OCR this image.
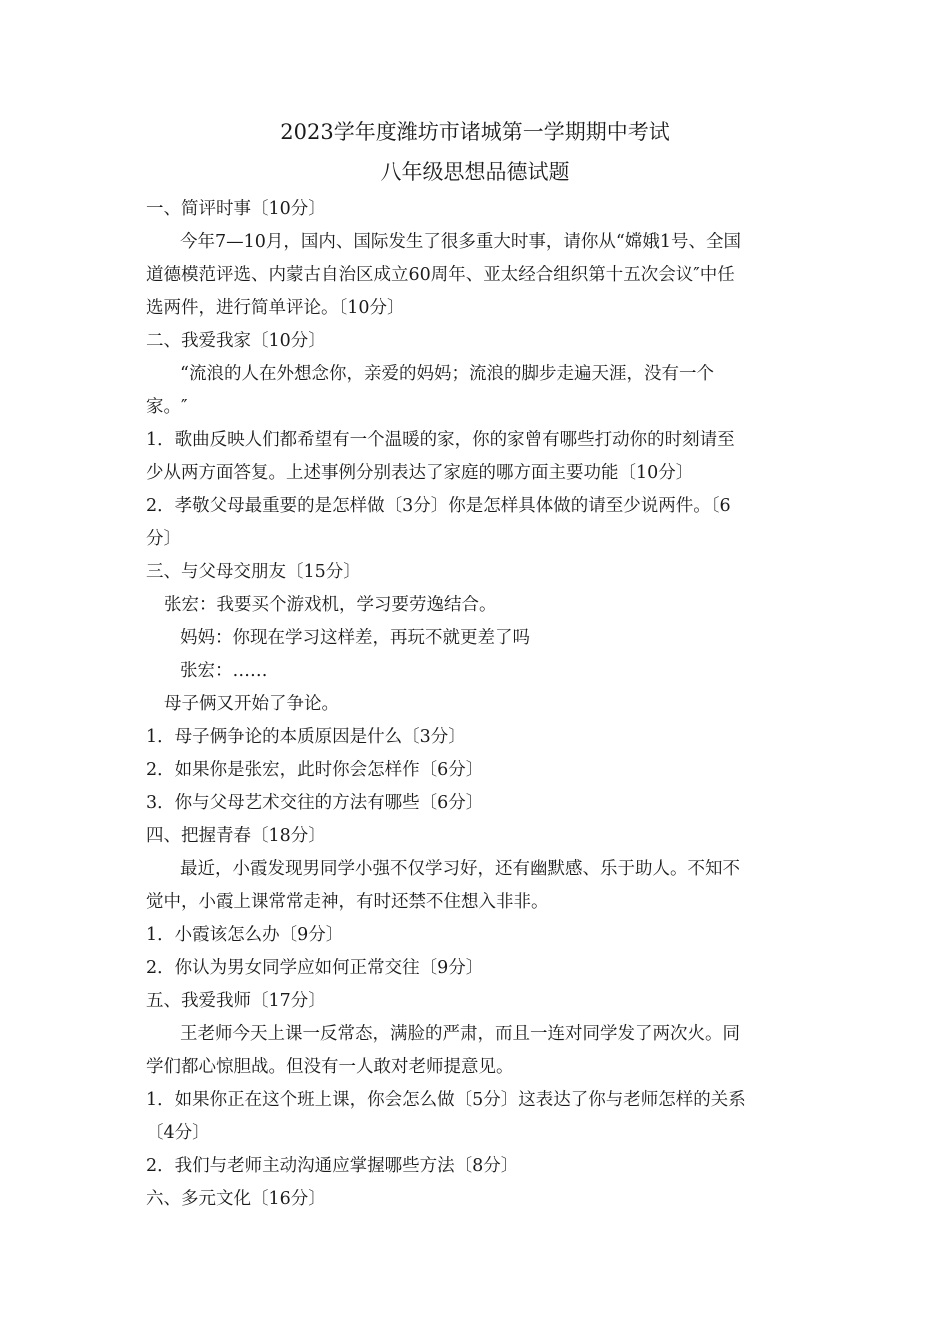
2023学年度潍坊市诸城第一学期期中考试
八年级思想品德试题
一、简评时事〔10分〕
今年7—10月，国内、国际发生了很多重大时事，请你从“嫦娥1号、全国
道德模范评选、内蒙古自治区成立60周年、亚太经合组织第十五次会议″中任
选两件，进行简单评论。〔10分〕
二、我爱我家〔10分〕
“流浪的人在外想念你，亲爱的妈妈；流浪的脚步走遍天涯，没有一个
家。″
1．歌曲反映人们都希望有一个温暖的家，你的家曾有哪些打动你的时刻请至
少从两方面答复。上述事例分别表达了家庭的哪方面主要功能〔10分〕
2．孝敬父母最重要的是怎样做〔3分〕你是怎样具体做的请至少说两件。〔6
分〕
三、与父母交朋友〔15分〕
张宏：我要买个游戏机，学习要劳逸结合。
妈妈：你现在学习这样差，再玩不就更差了吗
张宏：……
母子俩又开始了争论。
1．母子俩争论的本质原因是什么〔3分〕
2．如果你是张宏，此时你会怎样作〔6分〕
3．你与父母艺术交往的方法有哪些〔6分〕
四、把握青春〔18分〕
最近，小霞发现男同学小强不仅学习好，还有幽默感、乐于助人。不知不
觉中，小霞上课常常走神，有时还禁不住想入非非。
1．小霞该怎么办〔9分〕
2．你认为男女同学应如何正常交往〔9分〕
五、我爱我师〔17分〕
王老师今天上课一反常态，满脸的严肃，而且一连对同学发了两次火。同
学们都心惊胆战。但没有一人敢对老师提意见。
1．如果你正在这个班上课，你会怎么做〔5分〕这表达了你与老师怎样的关系
〔4分〕
2．我们与老师主动沟通应掌握哪些方法〔8分〕
六、多元文化〔16分〕
